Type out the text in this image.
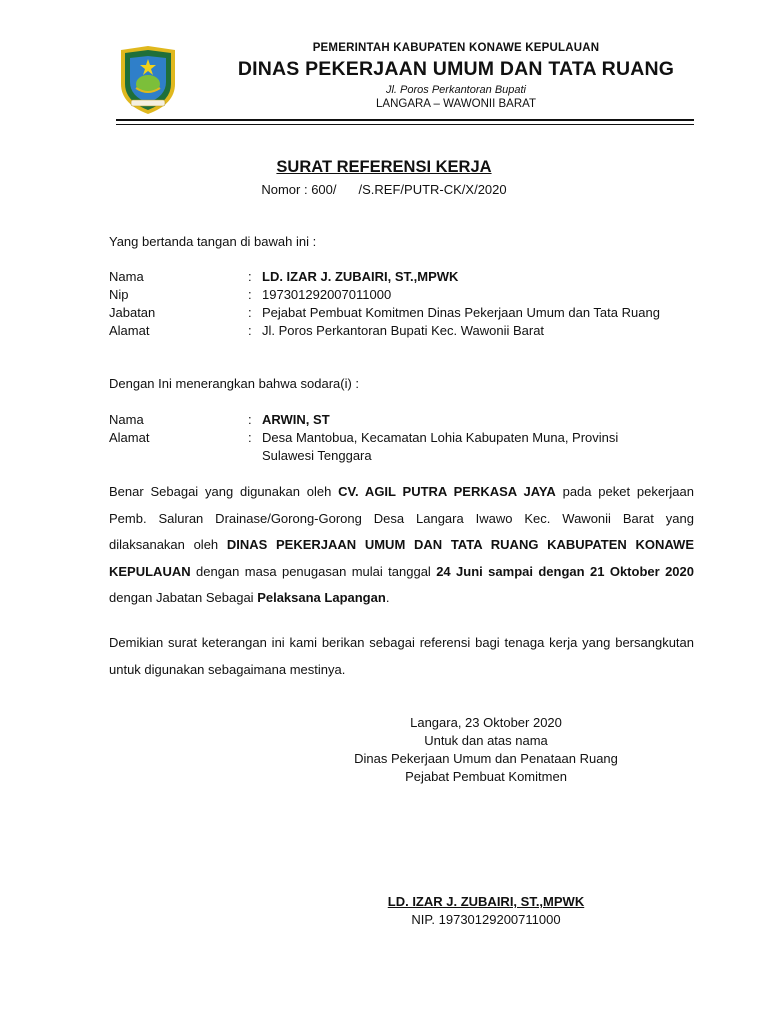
PEMERINTAH KABUPATEN KONAWE KEPULAUAN
DINAS PEKERJAAN UMUM DAN TATA RUANG
Jl. Poros Perkantoran Bupati
LANGARA – WAWONII BARAT
SURAT REFERENSI KERJA
Nomor : 600/ /S.REF/PUTR-CK/X/2020
Yang bertanda tangan di bawah ini :
Nama	:	LD. IZAR J. ZUBAIRI, ST.,MPWK
Nip	:	197301292007011000
Jabatan	:	Pejabat Pembuat Komitmen Dinas Pekerjaan Umum dan Tata Ruang
Alamat	:	Jl. Poros Perkantoran Bupati Kec. Wawonii Barat
Dengan Ini menerangkan bahwa sodara(i) :
Nama	:	ARWIN, ST
Alamat	:	Desa Mantobua, Kecamatan Lohia Kabupaten Muna, Provinsi Sulawesi Tenggara
Benar Sebagai yang digunakan oleh CV. AGIL PUTRA PERKASA JAYA pada peket pekerjaan Pemb. Saluran Drainase/Gorong-Gorong Desa Langara Iwawo Kec. Wawonii Barat yang dilaksanakan oleh DINAS PEKERJAAN UMUM DAN TATA RUANG KABUPATEN KONAWE KEPULAUAN dengan masa penugasan mulai tanggal 24 Juni sampai dengan 21 Oktober 2020 dengan Jabatan Sebagai Pelaksana Lapangan.
Demikian surat keterangan ini kami berikan sebagai referensi bagi tenaga kerja yang bersangkutan untuk digunakan sebagaimana mestinya.
Langara, 23 Oktober 2020
Untuk dan atas nama
Dinas Pekerjaan Umum dan Penataan Ruang
Pejabat Pembuat Komitmen
LD. IZAR J. ZUBAIRI, ST.,MPWK
NIP. 19730129200711000
